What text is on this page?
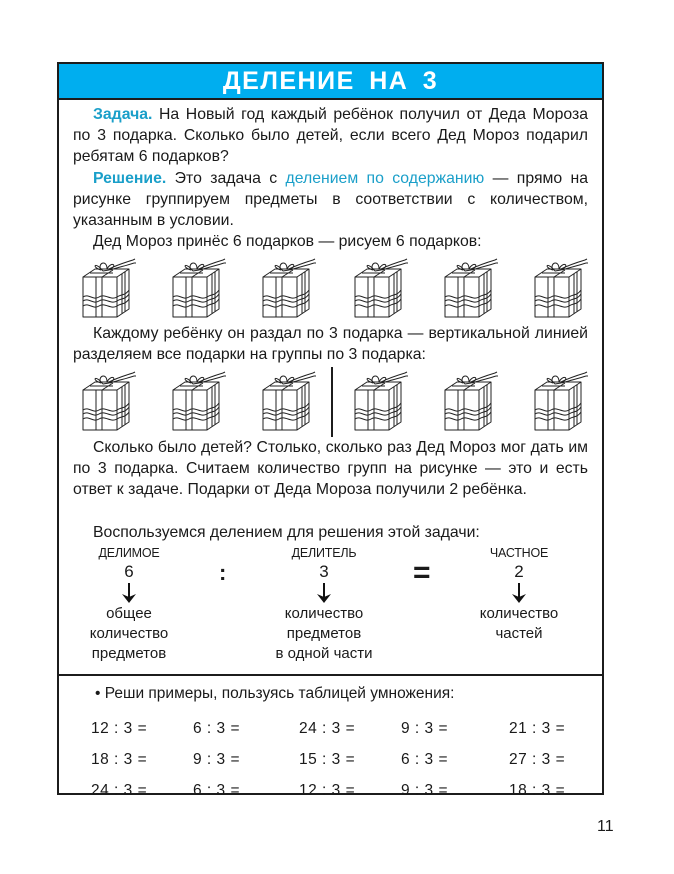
ДЕЛЕНИЕ НА 3
Задача. На Новый год каждый ребёнок получил от Деда Мороза по 3 подарка. Сколько было детей, если всего Дед Мороз подарил ребятам 6 подарков?
Решение. Это задача с делением по содержанию — прямо на рисунке группируем предметы в соответствии с количеством, указанным в условии.
Дед Мороз принёс 6 подарков — рисуем 6 подарков:
Каждому ребёнку он раздал по 3 подарка — вертикальной линией разделяем все подарки на группы по 3 подарка:
Сколько было детей? Столько, сколько раз Дед Мороз мог дать им по 3 подарка. Считаем количество групп на рисунке — это и есть ответ к задаче. Подарки от Деда Мороза получили 2 ребёнка.
Воспользуемся делением для решения этой задачи:
ДЕЛИМОЕ
6
общее
количество
предметов
:
ДЕЛИТЕЛЬ
3
количество
предметов
в одной части
=
ЧАСТНОЕ
2
количество
частей
• Реши примеры, пользуясь таблицей умножения:
12 : 3 =	6 : 3 =	24 : 3 =	9 : 3 =	21 : 3 =
18 : 3 =	9 : 3 =	15 : 3 =	6 : 3 =	27 : 3 =
24 : 3 =	6 : 3 =	12 : 3 =	9 : 3 =	18 : 3 =
11
